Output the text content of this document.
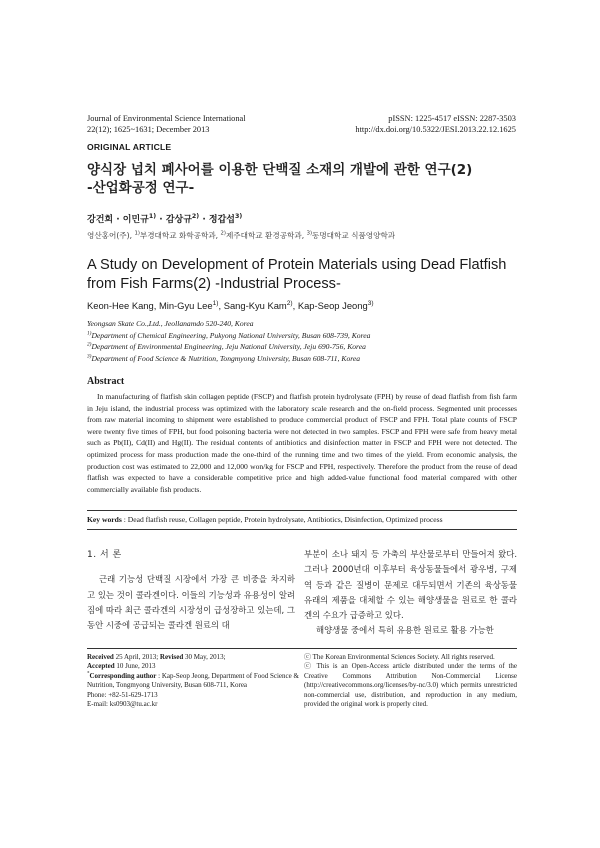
Journal of Environmental Science International
22(12); 1625~1631; December 2013
pISSN: 1225-4517 eISSN: 2287-3503
http://dx.doi.org/10.5322/JESI.2013.22.12.1625
ORIGINAL ARTICLE
양식장 넙치 폐사어를 이용한 단백질 소재의 개발에 관한 연구(2)
-산업화공정 연구-
강건희 · 이민규$^{1)}$ · 감상규$^{2)}$ · 정갑섭$^{3)}$
영산홍어(주), $^{1)}$부경대학교 화학공학과, $^{2)}$제주대학교 환경공학과, $^{3)}$동명대학교 식품영양학과
A Study on Development of Protein Materials using Dead Flatfish from Fish Farms(2) -Industrial Process-
Keon-Hee Kang, Min-Gyu Lee$^{1)}$, Sang-Kyu Kam$^{2)}$, Kap-Seop Jeong$^{3)}$
Yeongsan Skate Co.,Ltd., Jeollanamdo 520-240, Korea
$^{1)}$Department of Chemical Engineering, Pukyong National University, Busan 608-739, Korea
$^{2)}$Department of Environmental Engineering, Jeju National University, Jeju 690-756, Korea
$^{3)}$Department of Food Science & Nutrition, Tongmyong University, Busan 608-711, Korea
Abstract
In manufacturing of flatfish skin collagen peptide (FSCP) and flatfish protein hydrolysate (FPH) by reuse of dead flatfish from fish farm in Jeju island, the industrial process was optimized with the laboratory scale research and the on-field process. Segmented unit processes from raw material incoming to shipment were established to produce commercial product of FSCP and FPH. Total plate counts of FSCP were twenty five times of FPH, but food poisoning bacteria were not detected in two samples. FSCP and FPH were safe from heavy metal such as Pb(II), Cd(II) and Hg(II). The residual contents of antibiotics and disinfection matter in FSCP and FPH were not detected. The optimized process for mass production made the one-third of the running time and two times of the yield. From economic analysis, the production cost was estimated to 22,000 and 12,000 won/kg for FSCP and FPH, respectively. Therefore the product from the reuse of dead flatfish was expected to have a considerable competitive price and high added-value functional food material compared with other commercially available fish products.
Key words : Dead flatfish reuse, Collagen peptide, Protein hydrolysate, Antibiotics, Disinfection, Optimized process
1. 서 론

근래 기능성 단백질 시장에서 가장 큰 비중을 차지하고 있는 것이 콜라겐이다. 이들의 기능성과 유용성이 알려짐에 따라 최근 콜라겐의 시장성이 급성장하고 있는데, 그 동안 시중에 공급되는 콜라겐 원료의 대

부분이 소나 돼지 등 가축의 부산물로부터 만들어져 왔다. 그러나 2000년대 이후부터 육상동물들에서 광우병, 구제역 등과 같은 질병이 문제로 대두되면서 기존의 육상동물 유래의 제품을 대체할 수 있는 해양생물을 원료로 한 콜라겐의 수요가 급증하고 있다.

해양생물 중에서 특히 유용한 원료로 활용 가능한

Received 25 April, 2013; Revised 30 May, 2013;
Accepted 10 June, 2013
*Corresponding author : Kap-Seop Jeong, Department of Food Science & Nutrition, Tongmyong University, Busan 608-711, Korea
Phone: +82-51-629-1713
E-mail: ks0903@tu.ac.kr
ⓒ The Korean Environmental Sciences Society. All rights reserved.
ⓒ This is an Open-Access article distributed under the terms of the Creative Commons Attribution Non-Commercial License (http://creativecommons.org/licenses/by-nc/3.0) which permits unrestricted non-commercial use, distribution, and reproduction in any medium, provided the original work is properly cited.
